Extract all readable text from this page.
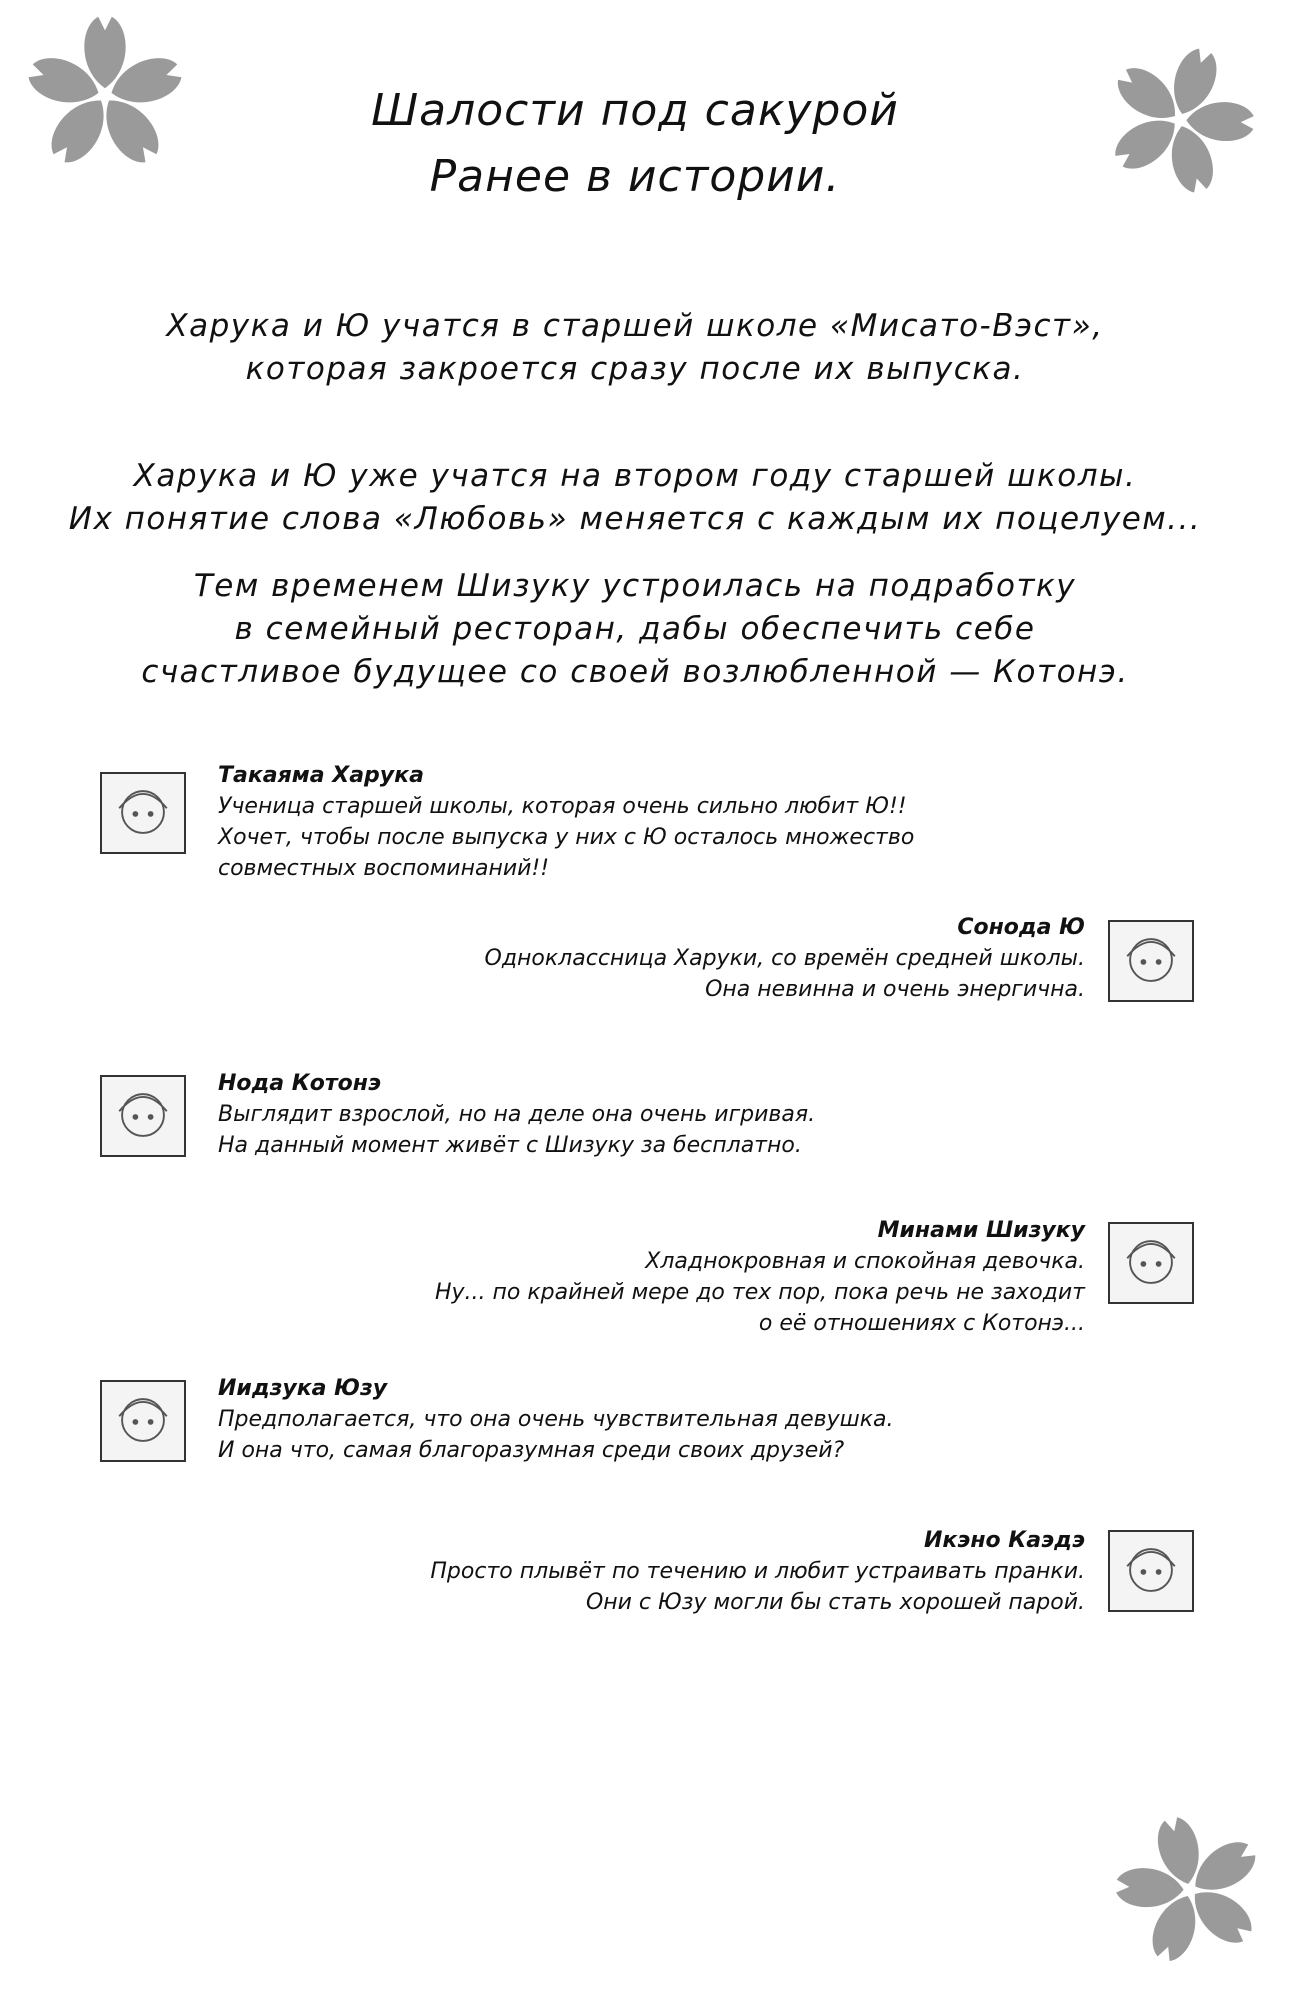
Шалости под сакурой
Ранее в истории.
Харука и Ю учатся в старшей школе «Мисато-Вэст»,
которая закроется сразу после их выпуска.
Харука и Ю уже учатся на втором году старшей школы.
Их понятие слова «Любовь» меняется с каждым их поцелуем...
Тем временем Шизуку устроилась на подработку
в семейный ресторан, дабы обеспечить себе
счастливое будущее со своей возлюбленной — Котонэ.
Такаяма Харука
Ученица старшей школы, которая очень сильно любит Ю!!
Хочет, чтобы после выпуска у них с Ю осталось множество
совместных воспоминаний!!
Сонода Ю
Одноклассница Харуки, со времён средней школы.
Она невинна и очень энергична.
Нода Котонэ
Выглядит взрослой, но на деле она очень игривая.
На данный момент живёт с Шизуку за бесплатно.
Минами Шизуку
Хладнокровная и спокойная девочка.
Ну... по крайней мере до тех пор, пока речь не заходит
о её отношениях с Котонэ...
Иидзука Юзу
Предполагается, что она очень чувствительная девушка.
И она что, самая благоразумная среди своих друзей?
Икэно Каэдэ
Просто плывёт по течению и любит устраивать пранки.
Они с Юзу могли бы стать хорошей парой.
